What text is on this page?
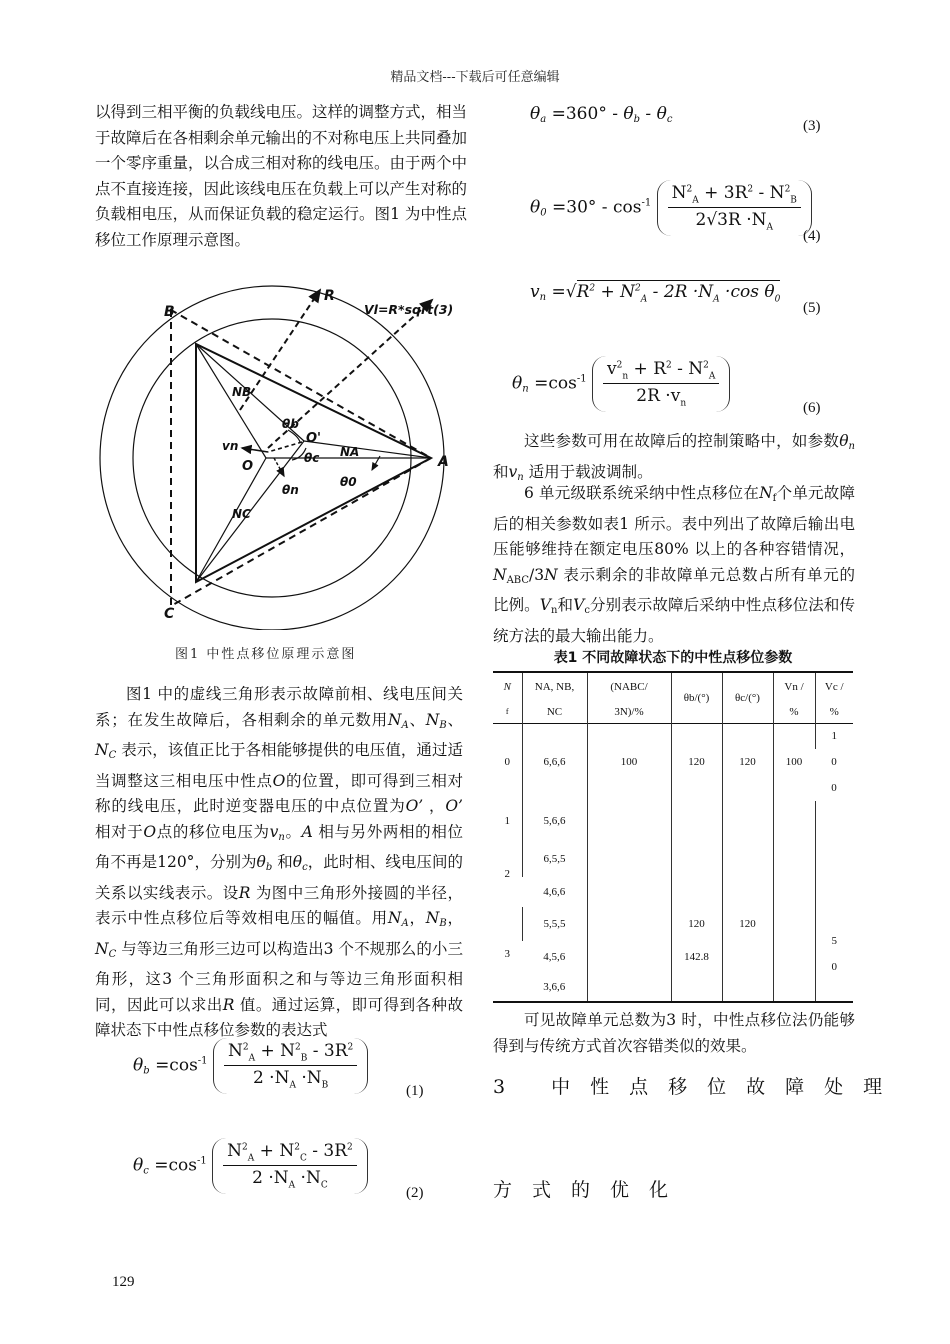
精品文档---下载后可任意编辑

以得到三相平衡的负载线电压。这样的调整方式，相当于故障后在各相剩余单元输出的不对称电压上共同叠加一个零序重量，以合成三相对称的线电压。由于两个中点不直接连接，因此该线电压在负载上可以产生对称的负载相电压，从而保证负载的稳定运行。图1 为中性点移位工作原理示意图。

B
C
A
R
Vl=R*sqrt(3)
NB
NA
NC
O
O'
vn
θb
θc
θn
θ0
图1 中性点移位原理示意图

图1 中的虚线三角形表示故障前相、线电压间关系；在发生故障后，各相剩余的单元数用$N_A$、$N_B$、$N_C$ 表示，该值正比于各相能够提供的电压值，通过适当调整这三相电压中性点O的位置，即可得到三相对称的线电压，此时逆变器电压的中点位置为O’ ，O’ 相对于O点的移位电压为$v_n$。A 相与另外两相的相位角不再是120°，分别为$\theta_b$ 和$\theta_c$，此时相、线电压间的关系以实线表示。设R 为图中三角形外接圆的半径，表示中性点移位后等效相电压的幅值。用$N_A$，$N_B$，$N_C$ 与等边三角形三边可以构造出3 个不规那么的小三角形，这3 个三角形面积之和与等边三角形面积相同，因此可以求出R 值。通过运算，即可得到各种故障状态下中性点移位参数的表达式

$\theta_b =\cos^{-1} \frac{N^2_A + N^2_B - 3R^2}{2 \cdot N_A \cdot N_B}$
(1)
$\theta_c =\cos^{-1} \frac{N^2_A + N^2_C - 3R^2}{2 \cdot N_A \cdot N_C}$
(2)
$\theta_a =360^\circ - \theta_b - \theta_c$	(3)
$\theta_0 =30^\circ - \cos^{-1} \frac{N^2_A + 3R^2 - N^2_B}{2√3R \cdot N_A}$
(4)
$v_n =√R^2 + N^2_A - 2R \cdot N_A \cdot\cos$ $\theta_0$
(5)
$\theta_n =\cos^{-1} \frac{v^2_n + R^2 - N^2_A}{2R \cdot v_n}$	(6)

这些参数可用在故障后的控制策略中，如参数$\theta_n$ 和$v_n$ 适用于载波调制。

6 单元级联系统采纳中性点移位在$N_f$个单元故障后的相关参数如表1 所示。表中列出了故障后输出电压能够维持在额定电压80% 以上的各种容错情况，$N_{ABC}/3N$ 表示剩余的非故障单元总数占所有单元的比例。$V_n$和$V_c$分别表示故障后采纳中性点移位法和传统方法的最大输出能力。

表1 不同故障状态下的中性点移位参数
N	NA, NB,	(NABC/	θb/(°)	θc/(°)	Vn /	Vc /
f	NC	3N)/%			%	%
0	6,6,6	100	120	120	100	1
						0
						0
1	5,6,6					
2	6,5,5					
	4,6,6					
3	5,5,5		120	120		5
0
	4,5,6		142.8			
	3,6,6					

可见故障单元总数为3 时，中性点移位法仍能够得到与传统方式首次容错类似的效果。

3 中性点移位故障处理
方式的优化
129
